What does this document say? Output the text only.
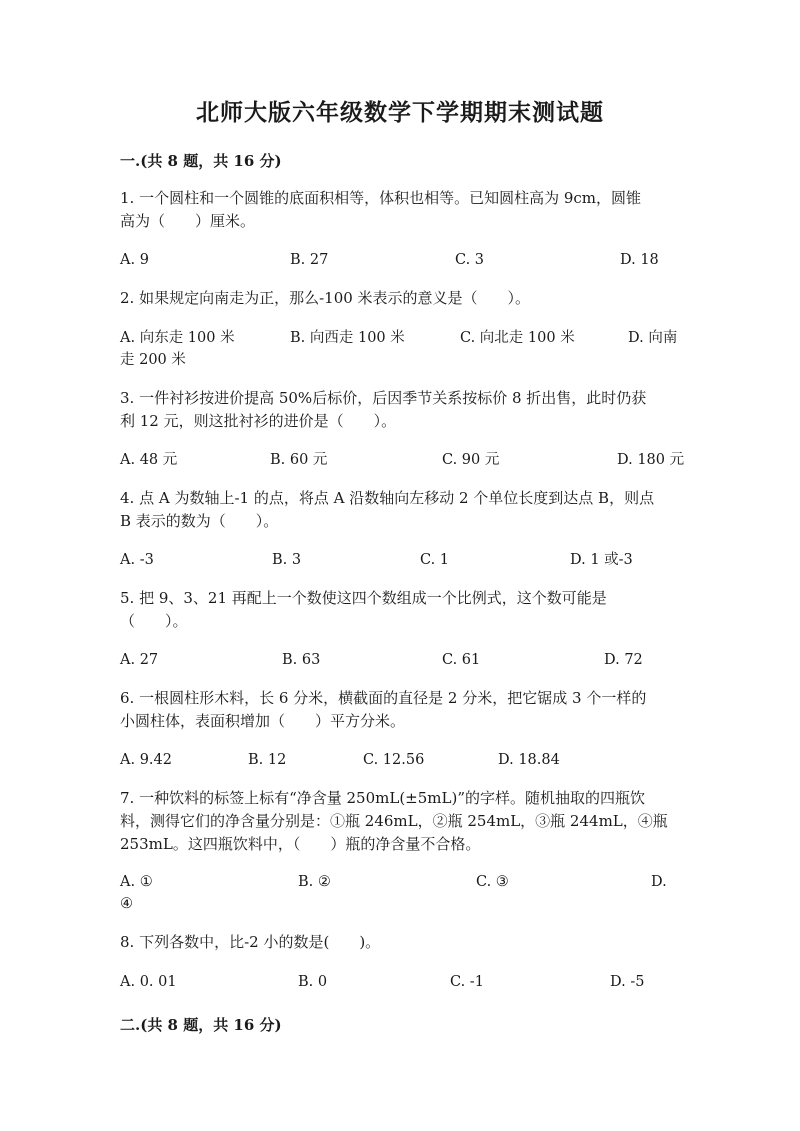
北师大版六年级数学下学期期末测试题
一.(共 8 题，共 16 分)
1. 一个圆柱和一个圆锥的底面积相等，体积也相等。已知圆柱高为 9cm，圆锥
高为（　　）厘米。
A. 9	B. 27	C. 3	D. 18
2. 如果规定向南走为正，那么-100 米表示的意义是（　　）。
A. 向东走 100 米	B. 向西走 100 米	C. 向北走 100 米	D. 向南
走 200 米
3. 一件衬衫按进价提高 50%后标价，后因季节关系按标价 8 折出售，此时仍获
利 12 元，则这批衬衫的进价是（　　）。
A. 48 元	B. 60 元	C. 90 元	D. 180 元
4. 点 A 为数轴上-1 的点，将点 A 沿数轴向左移动 2 个单位长度到达点 B，则点
B 表示的数为（　　）。
A. -3	B. 3	C. 1	D. 1 或-3
5. 把 9、3、21 再配上一个数使这四个数组成一个比例式，这个数可能是
（　　）。
A. 27	B. 63	C. 61	D. 72
6. 一根圆柱形木料，长 6 分米，横截面的直径是 2 分米，把它锯成 3 个一样的
小圆柱体，表面积增加（　　）平方分米。
A. 9.42	B. 12	C. 12.56	D. 18.84
7. 一种饮料的标签上标有“净含量 250mL(±5mL)”的字样。随机抽取的四瓶饮
料，测得它们的净含量分别是：①瓶 246mL，②瓶 254mL，③瓶 244mL，④瓶
253mL。这四瓶饮料中，（　　）瓶的净含量不合格。
A. ①	B. ②	C. ③	D.
④
8. 下列各数中，比-2 小的数是(　　)。
A. 0. 01	B. 0	C. -1	D. -5
二.(共 8 题，共 16 分)
